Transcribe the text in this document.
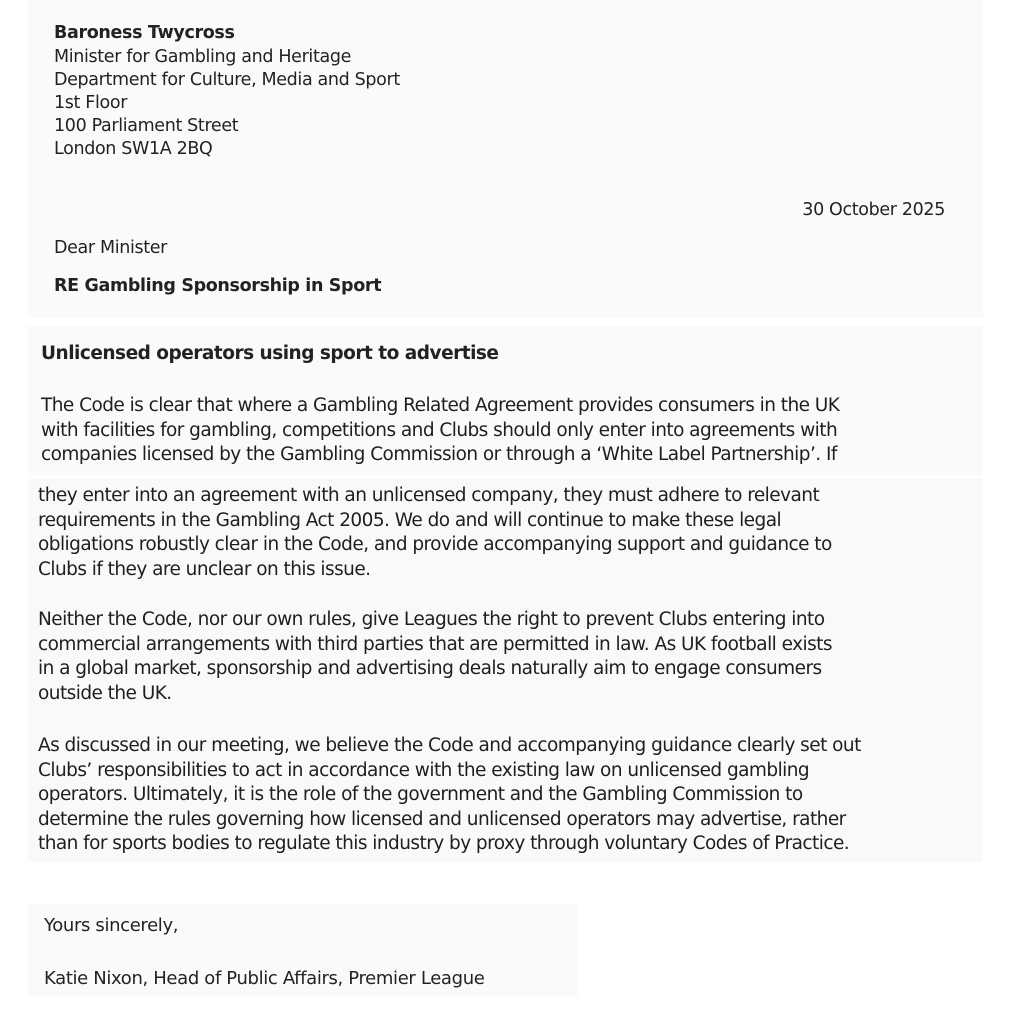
Baroness Twycross
Minister for Gambling and Heritage
Department for Culture, Media and Sport
1st Floor
100 Parliament Street
London SW1A 2BQ
30 October 2025
Dear Minister
RE Gambling Sponsorship in Sport
Unlicensed operators using sport to advertise
The Code is clear that where a Gambling Related Agreement provides consumers in the UK
with facilities for gambling, competitions and Clubs should only enter into agreements with
companies licensed by the Gambling Commission or through a ‘White Label Partnership’. If
they enter into an agreement with an unlicensed company, they must adhere to relevant
requirements in the Gambling Act 2005. We do and will continue to make these legal
obligations robustly clear in the Code, and provide accompanying support and guidance to
Clubs if they are unclear on this issue.
Neither the Code, nor our own rules, give Leagues the right to prevent Clubs entering into
commercial arrangements with third parties that are permitted in law. As UK football exists
in a global market, sponsorship and advertising deals naturally aim to engage consumers
outside the UK.
As discussed in our meeting, we believe the Code and accompanying guidance clearly set out
Clubs’ responsibilities to act in accordance with the existing law on unlicensed gambling
operators. Ultimately, it is the role of the government and the Gambling Commission to
determine the rules governing how licensed and unlicensed operators may advertise, rather
than for sports bodies to regulate this industry by proxy through voluntary Codes of Practice.
Yours sincerely,
Katie Nixon, Head of Public Affairs, Premier League
